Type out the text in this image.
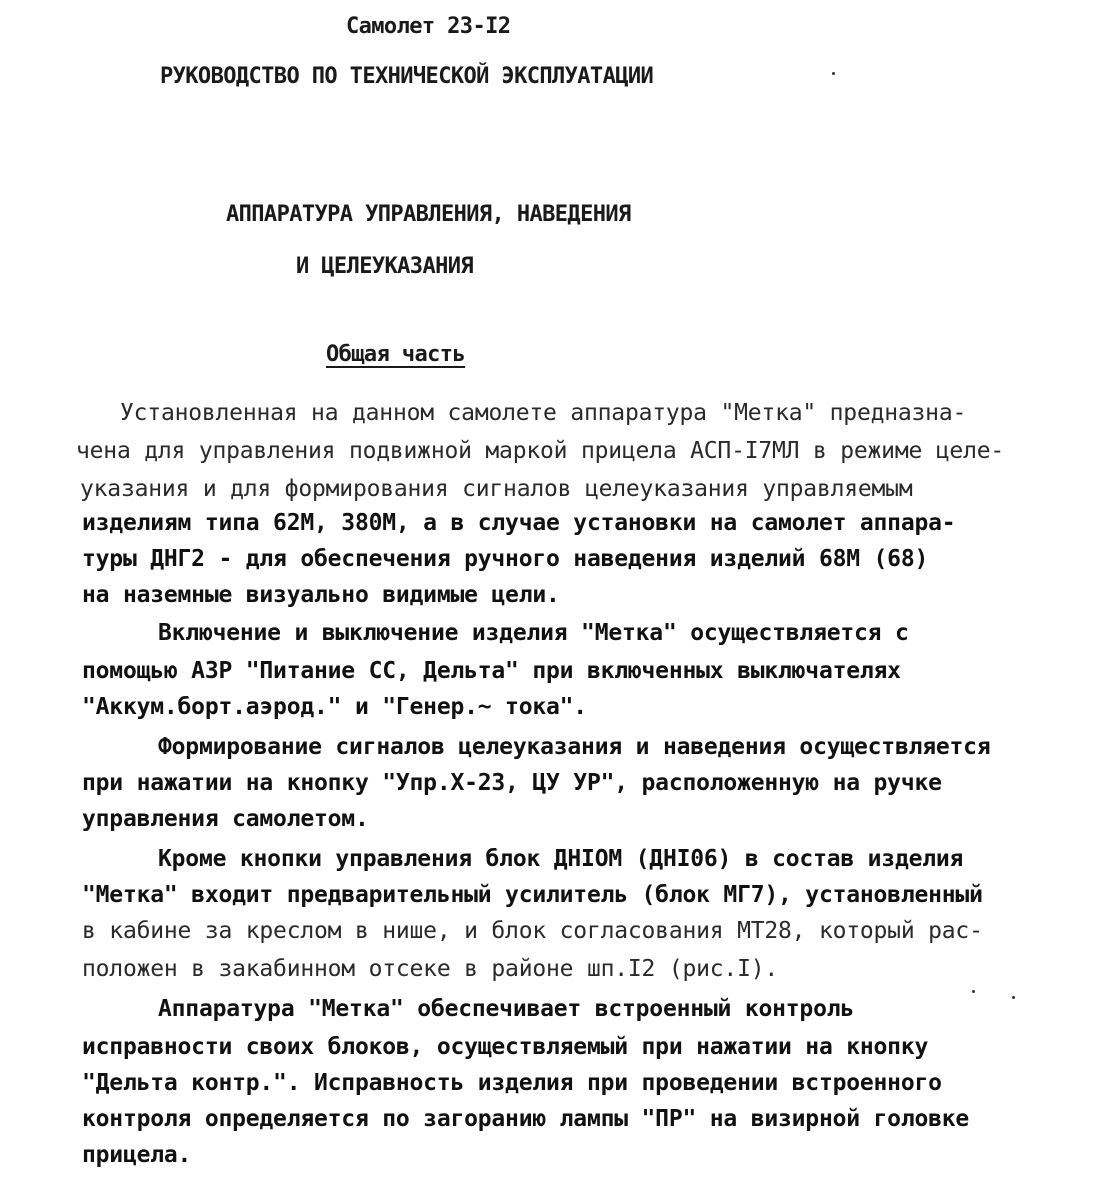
Самолет 23-I2
РУКОВОДСТВО ПО ТЕХНИЧЕСКОЙ ЭКСПЛУАТАЦИИ
АППАРАТУРА УПРАВЛЕНИЯ, НАВЕДЕНИЯ
И ЦЕЛЕУКАЗАНИЯ
Общая часть
Установленная на данном самолете аппаратура "Метка" предназна-
чена для управления подвижной маркой прицела АСП-I7МЛ в режиме целе-
указания и для формирования сигналов целеуказания управляемым
изделиям типа 62М, 380М, а в случае установки на самолет аппара-
туры ДНГ2 - для обеспечения ручного наведения изделий 68М (68)
на наземные визуально видимые цели.
Включение и выключение изделия "Метка" осуществляется с
помощью АЗР "Питание СС, Дельта" при включенных выключателях
"Аккум.борт.аэрод." и "Генер.~ тока".
Формирование сигналов целеуказания и наведения осуществляется
при нажатии на кнопку "Упр.Х-23, ЦУ УР", расположенную на ручке
управления самолетом.
Кроме кнопки управления блок ДНIОМ (ДНI06) в состав изделия
"Метка" входит предварительный усилитель (блок МГ7), установленный
в кабине за креслом в нише, и блок согласования МТ28, который рас-
положен в закабинном отсеке в районе шп.I2 (рис.I).
Аппаратура "Метка" обеспечивает встроенный контроль
исправности своих блоков, осуществляемый при нажатии на кнопку
"Дельта контр.". Исправность изделия при проведении встроенного
контроля определяется по загоранию лампы "ПР" на визирной головке
прицела.
